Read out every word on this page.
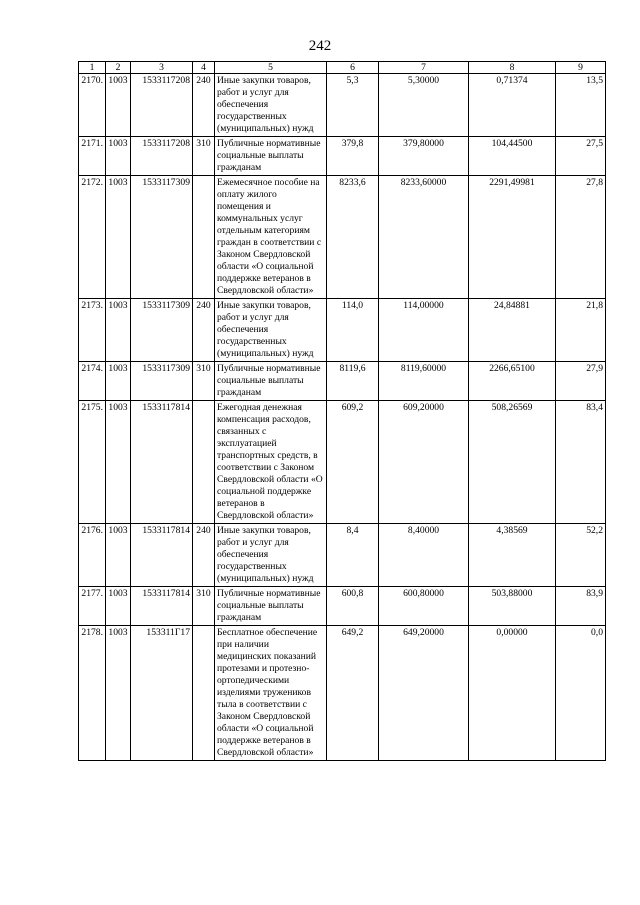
242
1	2	3	4	5	6	7	8	9
2170.	1003	1533117208	240	Иные закупки товаров, работ и услуг для обеспечения государственных (муниципальных) нужд	5,3	5,30000	0,71374	13,5
2171.	1003	1533117208	310	Публичные нормативные социальные выплаты гражданам	379,8	379,80000	104,44500	27,5
2172.	1003	1533117309		Ежемесячное пособие на оплату жилого помещения и коммунальных услуг отдельным категориям граждан в соответствии с Законом Свердловской области «О социальной поддержке ветеранов в Свердловской области»	8233,6	8233,60000	2291,49981	27,8
2173.	1003	1533117309	240	Иные закупки товаров, работ и услуг для обеспечения государственных (муниципальных) нужд	114,0	114,00000	24,84881	21,8
2174.	1003	1533117309	310	Публичные нормативные социальные выплаты гражданам	8119,6	8119,60000	2266,65100	27,9
2175.	1003	1533117814		Ежегодная денежная компенсация расходов, связанных с эксплуатацией транспортных средств, в соответствии с Законом Свердловской области «О социальной поддержке ветеранов в Свердловской области»	609,2	609,20000	508,26569	83,4
2176.	1003	1533117814	240	Иные закупки товаров, работ и услуг для обеспечения государственных (муниципальных) нужд	8,4	8,40000	4,38569	52,2
2177.	1003	1533117814	310	Публичные нормативные социальные выплаты гражданам	600,8	600,80000	503,88000	83,9
2178.	1003	153311Г17		Бесплатное обеспечение при наличии медицинских показаний протезами и протезно-ортопедическими изделиями тружеников тыла в соответствии с Законом Свердловской области «О социальной поддержке ветеранов в Свердловской области»	649,2	649,20000	0,00000	0,0
